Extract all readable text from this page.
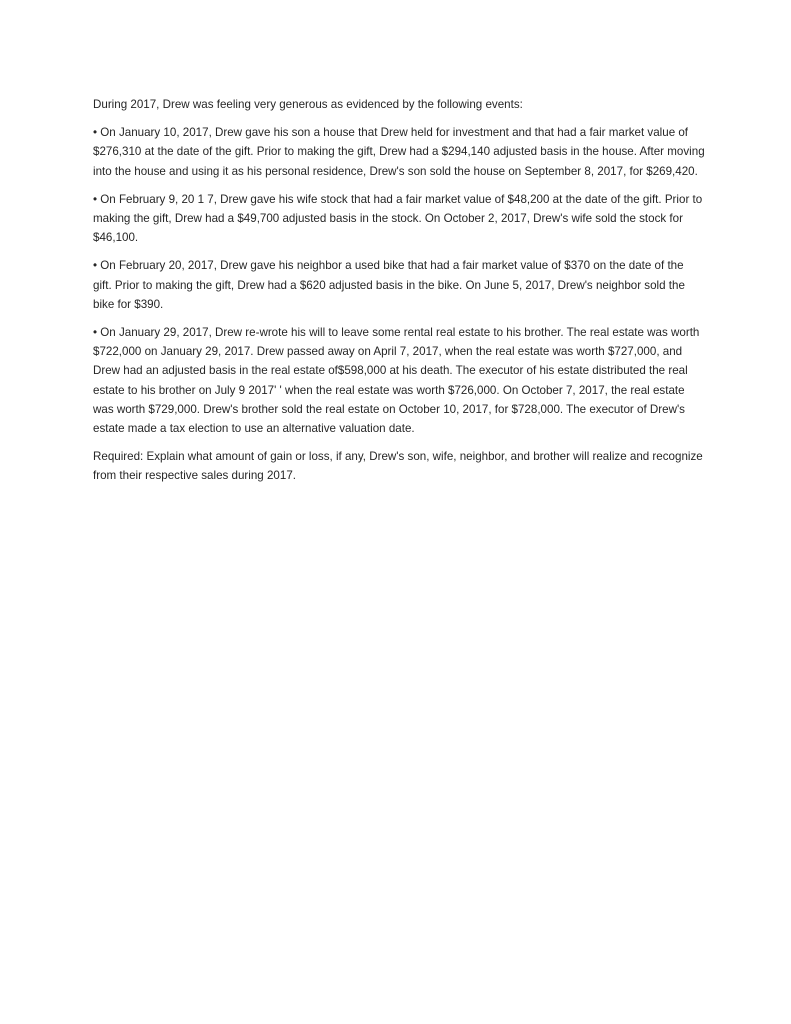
During 2017, Drew was feeling very generous as evidenced by the following events:

• On January 10, 2017, Drew gave his son a house that Drew held for investment and that had a fair market value of $276,310 at the date of the gift. Prior to making the gift, Drew had a $294,140 adjusted basis in the house. After moving into the house and using it as his personal residence, Drew's son sold the house on September 8, 2017, for $269,420.

• On February 9, 20 1 7, Drew gave his wife stock that had a fair market value of $48,200 at the date of the gift. Prior to making the gift, Drew had a $49,700 adjusted basis in the stock. On October 2, 2017, Drew's wife sold the stock for $46,100.

• On February 20, 2017, Drew gave his neighbor a used bike that had a fair market value of $370 on the date of the gift. Prior to making the gift, Drew had a $620 adjusted basis in the bike. On June 5, 2017, Drew's neighbor sold the bike for $390.

• On January 29, 2017, Drew re-wrote his will to leave some rental real estate to his brother. The real estate was worth $722,000 on January 29, 2017. Drew passed away on April 7, 2017, when the real estate was worth $727,000, and Drew had an adjusted basis in the real estate of$598,000 at his death. The executor of his estate distributed the real estate to his brother on July 9 2017' ' when the real estate was worth $726,000. On October 7, 2017, the real estate was worth $729,000. Drew's brother sold the real estate on October 10, 2017, for $728,000. The executor of Drew's estate made a tax election to use an alternative valuation date.

Required: Explain what amount of gain or loss, if any, Drew's son, wife, neighbor, and brother will realize and recognize from their respective sales during 2017.
